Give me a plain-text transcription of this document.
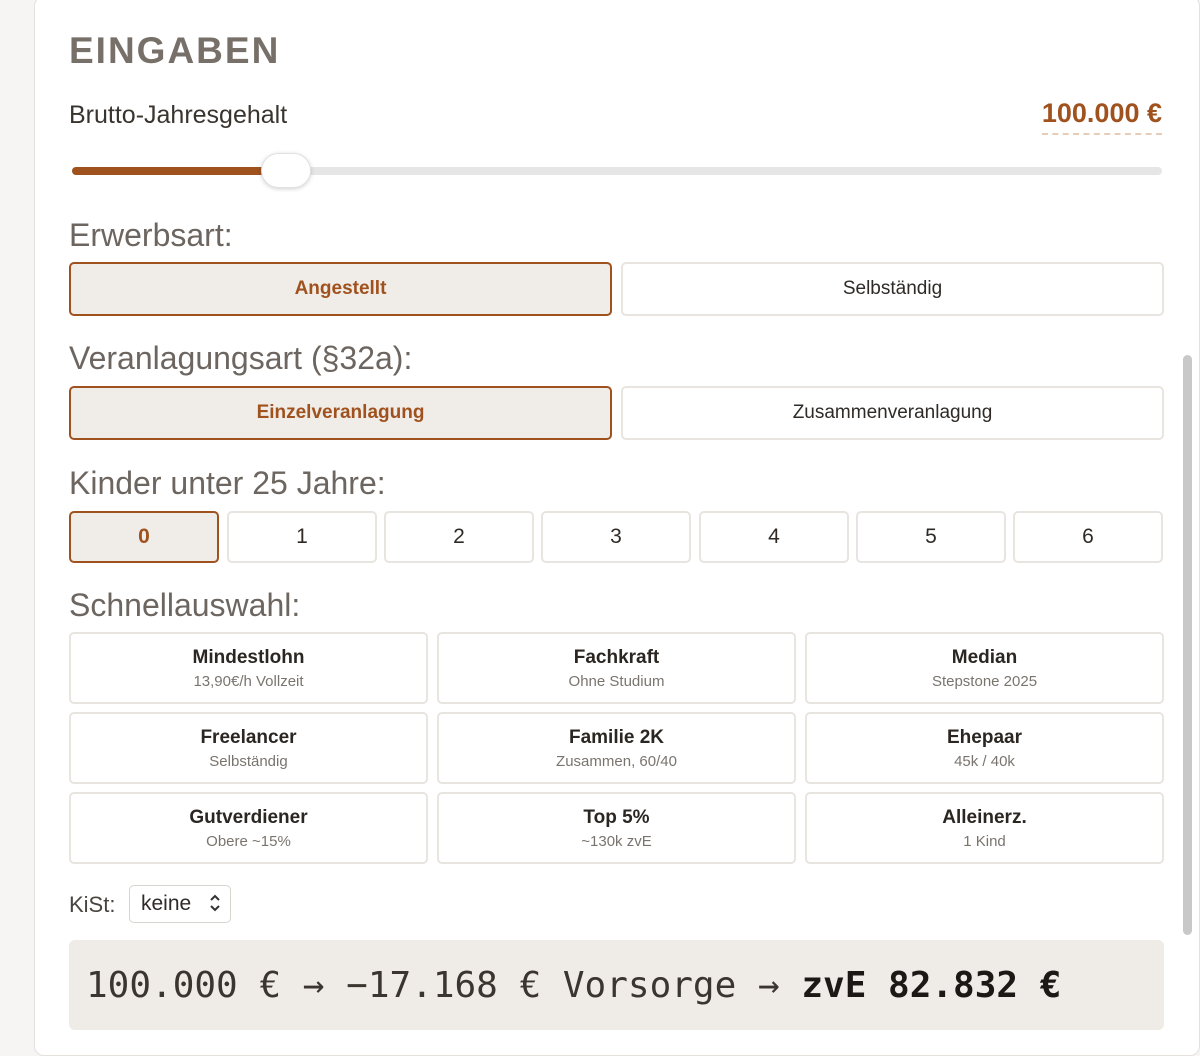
EINGABEN
Brutto-Jahresgehalt	100.000 €
Erwerbsart:
Angestellt	Selbständig
Veranlagungsart (§32a):
Einzelveranlagung	Zusammenveranlagung
Kinder unter 25 Jahre:
0	1	2	3	4	5	6
Schnellauswahl:
Mindestlohn
13,90€/h Vollzeit
Fachkraft
Ohne Studium
Median
Stepstone 2025
Freelancer
Selbständig
Familie 2K
Zusammen, 60/40
Ehepaar
45k / 40k
Gutverdiener
Obere ~15%
Top 5%
~130k zvE
Alleinerz.
1 Kind
KiSt: keine
100.000 €
→
−17.168 € Vorsorge
→
zvE 82.832 €
